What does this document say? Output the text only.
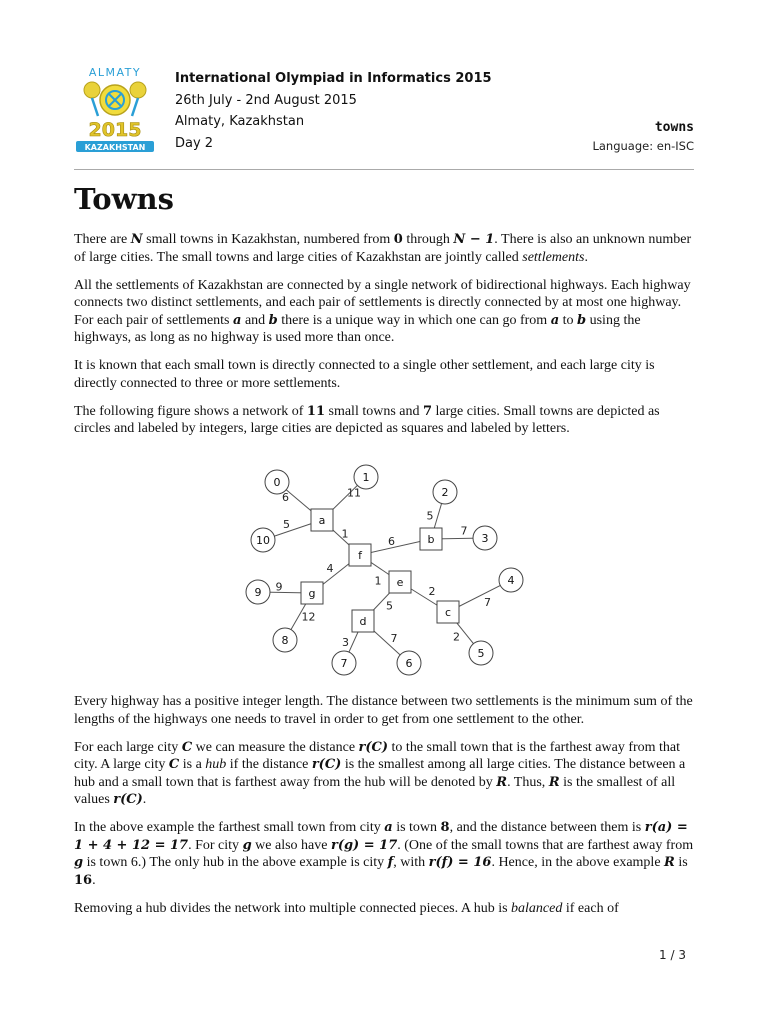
ALMATY
2015
KAZAKHSTAN
International Olympiad in Informatics 2015
26th July - 2nd August 2015
Almaty, Kazakhstan
Day 2
towns
Language: en-ISC
Towns

There are N small towns in Kazakhstan, numbered from 0 through N − 1. There is also an unknown number of large cities. The small towns and large cities of Kazakhstan are jointly called settlements.

All the settlements of Kazakhstan are connected by a single network of bidirectional highways. Each highway connects two distinct settlements, and each pair of settlements is directly connected by at most one highway. For each pair of settlements a and b there is a unique way in which one can go from a to b using the highways, as long as no highway is used more than once.

It is known that each small town is directly connected to a single other settlement, and each large city is directly connected to three or more settlements.

The following figure shows a network of 11 small towns and 7 large cities. Small towns are depicted as circles and labeled by integers, large cities are depicted as squares and labeled by letters.

Every highway has a positive integer length. The distance between two settlements is the minimum sum of the lengths of the highways one needs to travel in order to get from one settlement to the other.

For each large city C we can measure the distance r(C) to the small town that is the farthest away from that city. A large city C is a hub if the distance r(C) is the smallest among all large cities. The distance between a hub and a small town that is farthest away from the hub will be denoted by R. Thus, R is the smallest of all values r(C).

In the above example the farthest small town from city a is town 8, and the distance between them is r(a) = 1 + 4 + 12 = 17. For city g we also have r(g) = 17. (One of the small towns that are farthest away from g is town 6.) The only hub in the above example is city f, with r(f) = 16. Hence, in the above example R is 16.

Removing a hub divides the network into multiple connected pieces. A hub is balanced if each of

6	11
5
1
6
5
7
4
9
12
1
2
7
2
5
3	7
0	1
2
3
4
5
6
7
8
9
10
a
b
c
d
e
f
g
1 / 3
